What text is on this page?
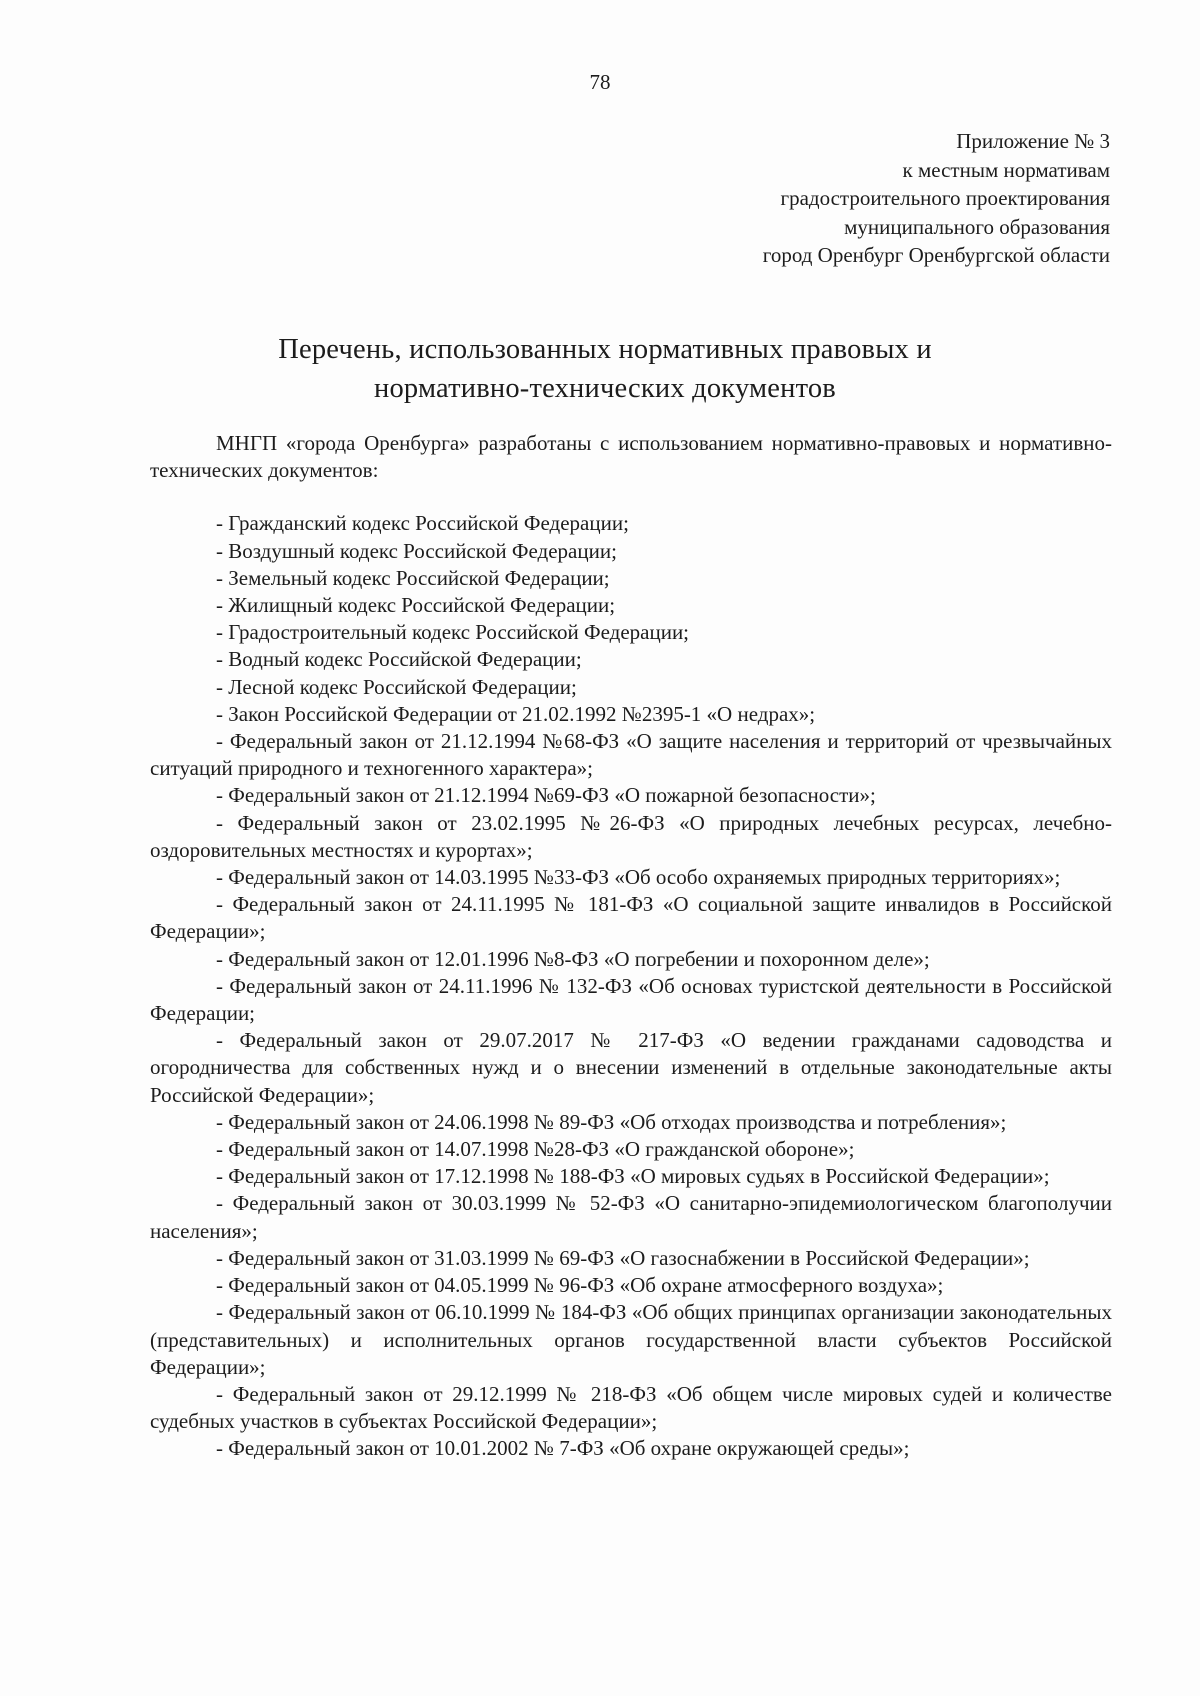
78
Приложение № 3
к местным нормативам
градостроительного проектирования
муниципального образования
город Оренбург Оренбургской области
Перечень, использованных нормативных правовых и
нормативно-технических документов

МНГП «города Оренбурга» разработаны с использованием нормативно-правовых и нормативно-технических документов:

- Гражданский кодекс Российской Федерации;

- Воздушный кодекс Российской Федерации;

- Земельный кодекс Российской Федерации;

- Жилищный кодекс Российской Федерации;

- Градостроительный кодекс Российской Федерации;

- Водный кодекс Российской Федерации;

- Лесной кодекс Российской Федерации;

- Закон Российской Федерации от 21.02.1992 №2395-1 «О недрах»;

- Федеральный закон от 21.12.1994 №68-ФЗ «О защите населения и территорий от чрезвычайных ситуаций природного и техногенного характера»;

- Федеральный закон от 21.12.1994 №69-ФЗ «О пожарной безопасности»;

- Федеральный закон от 23.02.1995 №26-ФЗ «О природных лечебных ресурсах, лечебно-оздоровительных местностях и курортах»;

- Федеральный закон от 14.03.1995 №33-ФЗ «Об особо охраняемых природных территориях»;

- Федеральный закон от 24.11.1995 № 181-ФЗ «О социальной защите инвалидов в Российской Федерации»;

- Федеральный закон от 12.01.1996 №8-ФЗ «О погребении и похоронном деле»;

- Федеральный закон от 24.11.1996 № 132-ФЗ «Об основах туристской деятельности в Российской Федерации;

- Федеральный закон от 29.07.2017 № 217-ФЗ «О ведении гражданами садоводства и огородничества для собственных нужд и о внесении изменений в отдельные законодательные акты Российской Федерации»;

- Федеральный закон от 24.06.1998 № 89-ФЗ «Об отходах производства и потребления»;

- Федеральный закон от 14.07.1998 №28-ФЗ «О гражданской обороне»;

- Федеральный закон от 17.12.1998 № 188-ФЗ «О мировых судьях в Российской Федерации»;

- Федеральный закон от 30.03.1999 № 52-ФЗ «О санитарно-эпидемиологическом благополучии населения»;

- Федеральный закон от 31.03.1999 № 69-ФЗ «О газоснабжении в Российской Федерации»;

- Федеральный закон от 04.05.1999 № 96-ФЗ «Об охране атмосферного воздуха»;

- Федеральный закон от 06.10.1999 № 184-ФЗ «Об общих принципах организации законодательных (представительных) и исполнительных органов государственной власти субъектов Российской Федерации»;

- Федеральный закон от 29.12.1999 № 218-ФЗ «Об общем числе мировых судей и количестве судебных участков в субъектах Российской Федерации»;

- Федеральный закон от 10.01.2002 № 7-ФЗ «Об охране окружающей среды»;
